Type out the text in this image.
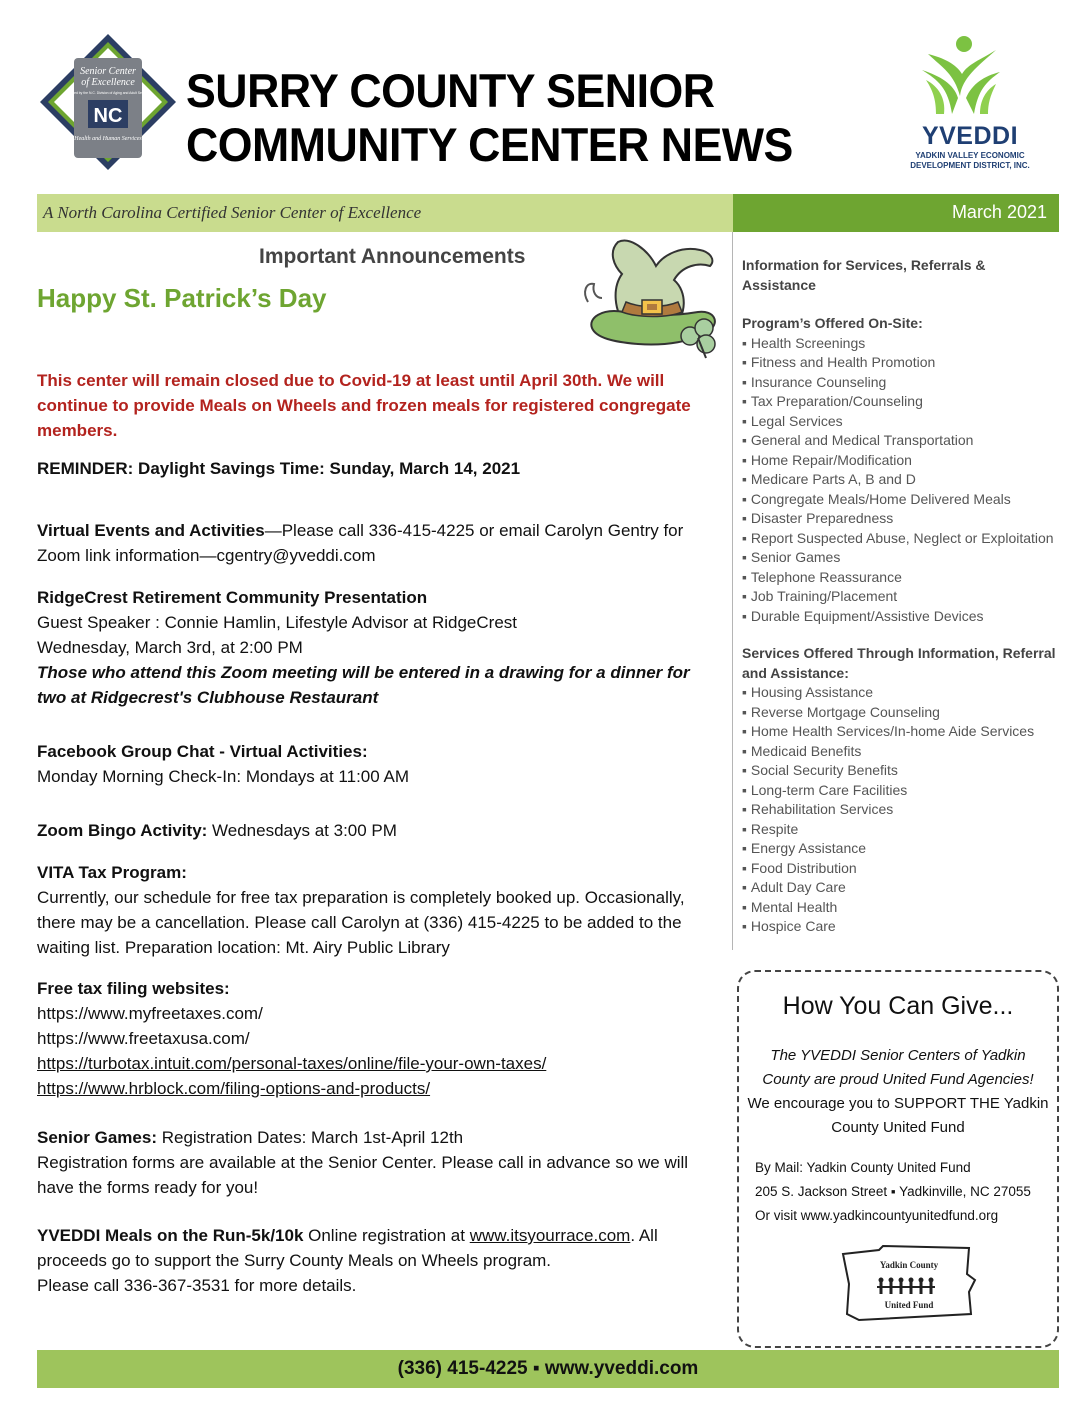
Senior Center
of Excellence
Certified by the N.C. Division of Aging and Adult Services
NC
Health and Human Services
SURRY COUNTY SENIOR
COMMUNITY CENTER NEWS	YVEDDI
YADKIN VALLEY ECONOMIC
DEVELOPMENT DISTRICT, INC.
A North Carolina Certified Senior Center of Excellence	March 2021
Important Announcements
Happy St. Patrick’s Day
This center will remain closed due to Covid-19 at least until April 30th. We will continue to provide Meals on Wheels and frozen meals for registered congregate members.
REMINDER: Daylight Savings Time: Sunday, March 14, 2021
Virtual Events and Activities—Please call 336-415-4225 or email Carolyn Gentry for Zoom link information—cgentry@yveddi.com
RidgeCrest Retirement Community Presentation
Guest Speaker : Connie Hamlin, Lifestyle Advisor at RidgeCrest
Wednesday, March 3rd, at 2:00 PM
Those who attend this Zoom meeting will be entered in a drawing for a dinner for two at Ridgecrest's Clubhouse Restaurant
Facebook Group Chat - Virtual Activities:
Monday Morning Check-In: Mondays at 11:00 AM
Zoom Bingo Activity: Wednesdays at 3:00 PM
VITA Tax Program:
Currently, our schedule for free tax preparation is completely booked up. Occasionally, there may be a cancellation. Please call Carolyn at (336) 415-4225 to be added to the waiting list. Preparation location: Mt. Airy Public Library
Free tax filing websites:
https://www.myfreetaxes.com/
https://www.freetaxusa.com/
https://turbotax.intuit.com/personal-taxes/online/file-your-own-taxes/
https://www.hrblock.com/filing-options-and-products/
Senior Games: Registration Dates: March 1st-April 12th
Registration forms are available at the Senior Center. Please call in advance so we will have the forms ready for you!
YVEDDI Meals on the Run-5k/10k Online registration at www.itsyourrace.com. All proceeds go to support the Surry County Meals on Wheels program.
Please call 336-367-3531 for more details.
Information for Services, Referrals & Assistance
Program’s Offered On-Site:
▪ Health Screenings
▪ Fitness and Health Promotion
▪ Insurance Counseling
▪ Tax Preparation/Counseling
▪ Legal Services
▪ General and Medical Transportation
▪ Home Repair/Modification
▪ Medicare Parts A, B and D
▪ Congregate Meals/Home Delivered Meals
▪ Disaster Preparedness
▪ Report Suspected Abuse, Neglect or Exploitation
▪ Senior Games
▪ Telephone Reassurance
▪ Job Training/Placement
▪ Durable Equipment/Assistive Devices
Services Offered Through Information, Referral and Assistance:
▪ Housing Assistance
▪ Reverse Mortgage Counseling
▪ Home Health Services/In-home Aide Services
▪ Medicaid Benefits
▪ Social Security Benefits
▪ Long-term Care Facilities
▪ Rehabilitation Services
▪ Respite
▪ Energy Assistance
▪ Food Distribution
▪ Adult Day Care
▪ Mental Health
▪ Hospice Care
How You Can Give...
The YVEDDI Senior Centers of Yadkin County are proud United Fund Agencies!
We encourage you to SUPPORT THE Yadkin County United Fund
By Mail: Yadkin County United Fund
205 S. Jackson Street ▪ Yadkinville, NC 27055
Or visit www.yadkincountyunitedfund.org
Yadkin County
United Fund
(336) 415-4225 ▪ www.yveddi.com
